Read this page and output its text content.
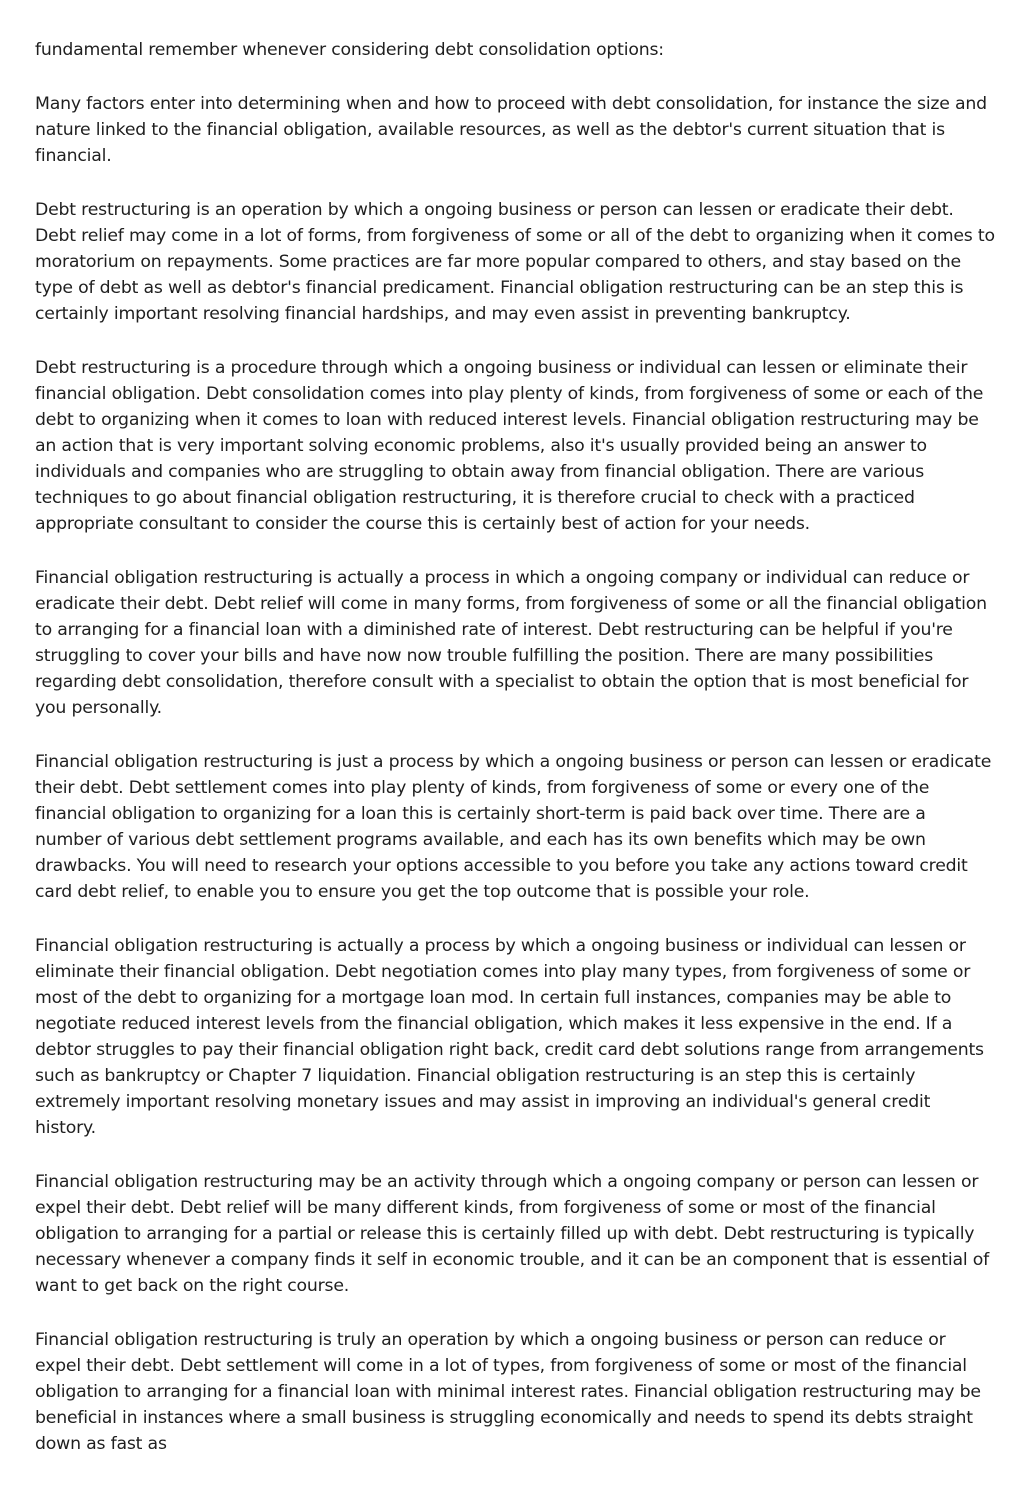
fundamental remember whenever considering debt consolidation options:

Many factors enter into determining when and how to proceed with debt consolidation, for instance the size and nature linked to the financial obligation, available resources, as well as the debtor's current situation that is financial.

Debt restructuring is an operation by which a ongoing business or person can lessen or eradicate their debt. Debt relief may come in a lot of forms, from forgiveness of some or all of the debt to organizing when it comes to moratorium on repayments. Some practices are far more popular compared to others, and stay based on the type of debt as well as debtor's financial predicament. Financial obligation restructuring can be an step this is certainly important resolving financial hardships, and may even assist in preventing bankruptcy.

Debt restructuring is a procedure through which a ongoing business or individual can lessen or eliminate their financial obligation. Debt consolidation comes into play plenty of kinds, from forgiveness of some or each of the debt to organizing when it comes to loan with reduced interest levels. Financial obligation restructuring may be an action that is very important solving economic problems, also it's usually provided being an answer to individuals and companies who are struggling to obtain away from financial obligation. There are various techniques to go about financial obligation restructuring, it is therefore crucial to check with a practiced appropriate consultant to consider the course this is certainly best of action for your needs.

Financial obligation restructuring is actually a process in which a ongoing company or individual can reduce or eradicate their debt. Debt relief will come in many forms, from forgiveness of some or all the financial obligation to arranging for a financial loan with a diminished rate of interest. Debt restructuring can be helpful if you're struggling to cover your bills and have now now trouble fulfilling the position. There are many possibilities regarding debt consolidation, therefore consult with a specialist to obtain the option that is most beneficial for you personally.

Financial obligation restructuring is just a process by which a ongoing business or person can lessen or eradicate their debt. Debt settlement comes into play plenty of kinds, from forgiveness of some or every one of the financial obligation to organizing for a loan this is certainly short-term is paid back over time. There are a number of various debt settlement programs available, and each has its own benefits which may be own drawbacks. You will need to research your options accessible to you before you take any actions toward credit card debt relief, to enable you to ensure you get the top outcome that is possible your role.

Financial obligation restructuring is actually a process by which a ongoing business or individual can lessen or eliminate their financial obligation. Debt negotiation comes into play many types, from forgiveness of some or most of the debt to organizing for a mortgage loan mod. In certain full instances, companies may be able to negotiate reduced interest levels from the financial obligation, which makes it less expensive in the end. If a debtor struggles to pay their financial obligation right back, credit card debt solutions range from arrangements such as bankruptcy or Chapter 7 liquidation. Financial obligation restructuring is an step this is certainly extremely important resolving monetary issues and may assist in improving an individual's general credit history.

Financial obligation restructuring may be an activity through which a ongoing company or person can lessen or expel their debt. Debt relief will be many different kinds, from forgiveness of some or most of the financial obligation to arranging for a partial or release this is certainly filled up with debt. Debt restructuring is typically necessary whenever a company finds it self in economic trouble, and it can be an component that is essential of want to get back on the right course.

Financial obligation restructuring is truly an operation by which a ongoing business or person can reduce or expel their debt. Debt settlement will come in a lot of types, from forgiveness of some or most of the financial obligation to arranging for a financial loan with minimal interest rates. Financial obligation restructuring may be beneficial in instances where a small business is struggling economically and needs to spend its debts straight down as fast as
